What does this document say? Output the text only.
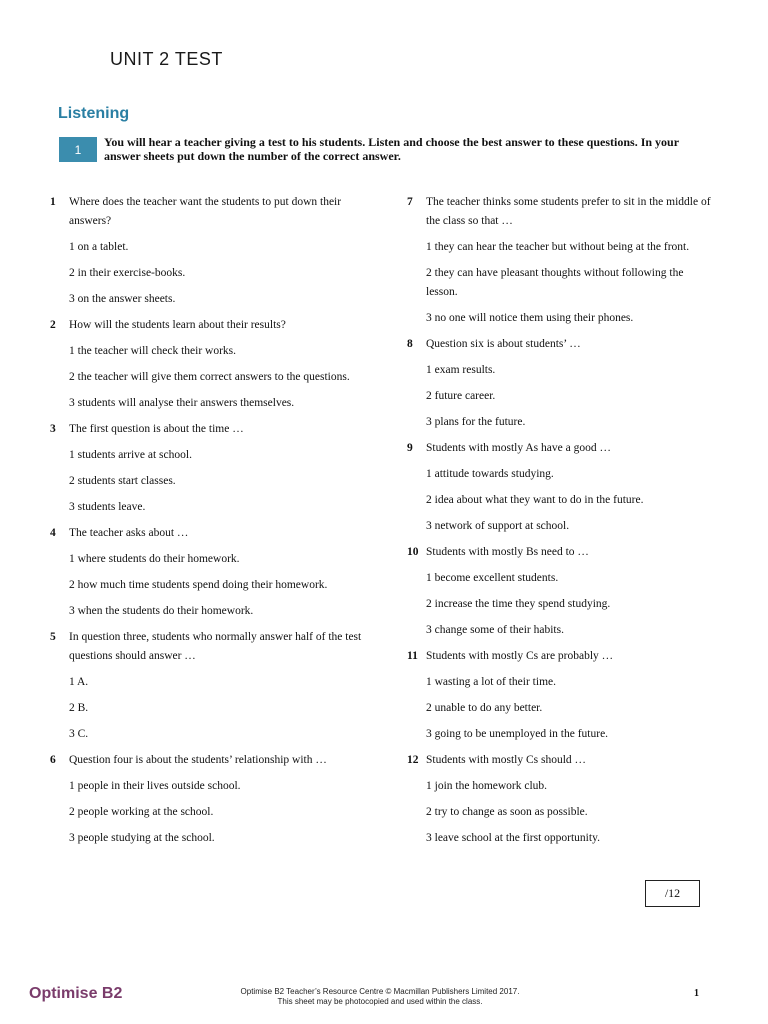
UNIT 2 TEST
Listening
1
You will hear a teacher giving a test to his students. Listen and choose the best answer to these questions. In your answer sheets put down the number of the correct answer.
1 Where does the teacher want the students to put down their answers?
1 on a tablet.
2 in their exercise-books.
3 on the answer sheets.
2 How will the students learn about their results?
1 the teacher will check their works.
2 the teacher will give them correct answers to the questions.
3 students will analyse their answers themselves.
3 The first question is about the time …
1 students arrive at school.
2 students start classes.
3 students leave.
4 The teacher asks about …
1 where students do their homework.
2 how much time students spend doing their homework.
3 when the students do their homework.
5 In question three, students who normally answer half of the test questions should answer …
1 A.
2 B.
3 C.
6 Question four is about the students’ relationship with …
1 people in their lives outside school.
2 people working at the school.
3 people studying at the school.
7 The teacher thinks some students prefer to sit in the middle of the class so that …
1 they can hear the teacher but without being at the front.
2 they can have pleasant thoughts without following the lesson.
3 no one will notice them using their phones.
8 Question six is about students’ …
1 exam results.
2 future career.
3 plans for the future.
9 Students with mostly As have a good …
1 attitude towards studying.
2 idea about what they want to do in the future.
3 network of support at school.
10 Students with mostly Bs need to …
1 become excellent students.
2 increase the time they spend studying.
3 change some of their habits.
11 Students with mostly Cs are probably …
1 wasting a lot of their time.
2 unable to do any better.
3 going to be unemployed in the future.
12 Students with mostly Cs should …
1 join the homework club.
2 try to change as soon as possible.
3 leave school at the first opportunity.
/12
Optimise B2	Optimise B2 Teacher’s Resource Centre © Macmillan Publishers Limited 2017.
This sheet may be photocopied and used within the class.
1
